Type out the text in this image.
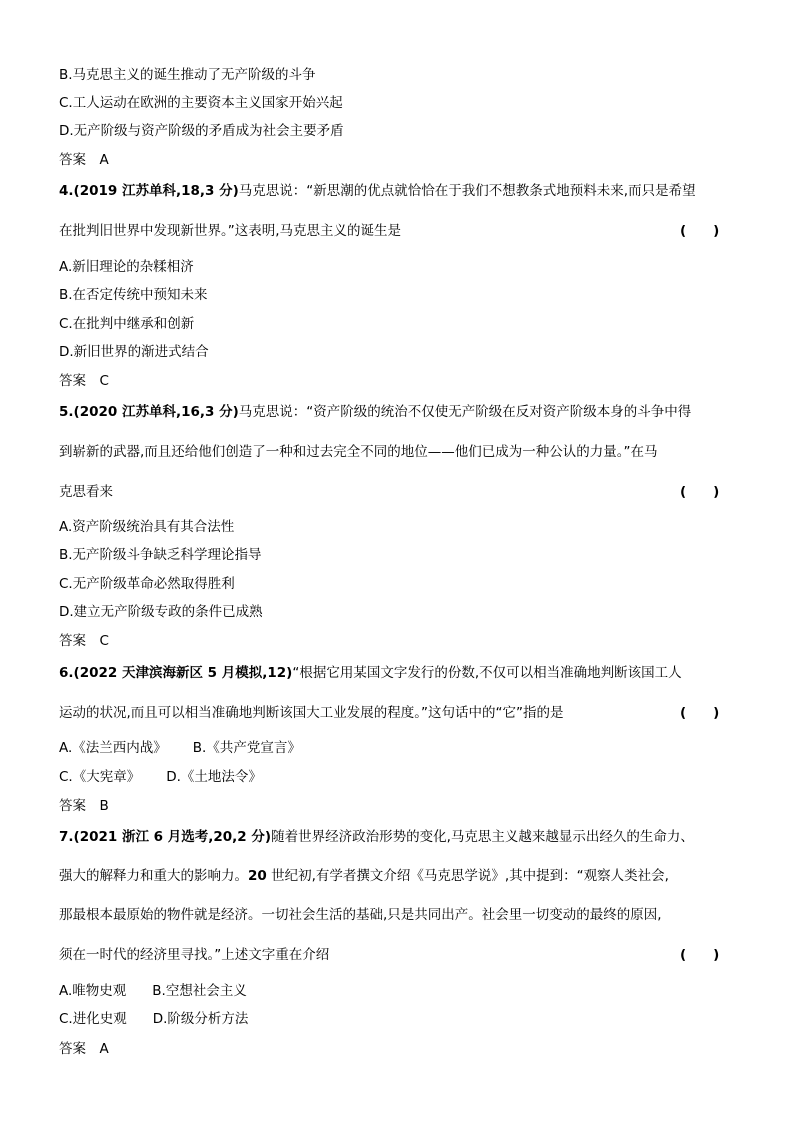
B.马克思主义的诞生推动了无产阶级的斗争
C.工人运动在欧洲的主要资本主义国家开始兴起
D.无产阶级与资产阶级的矛盾成为社会主要矛盾
答案　A
4.(2019 江苏单科,18,3 分)马克思说：“新思潮的优点就恰恰在于我们不想教条式地预料未来,而只是希望
在批判旧世界中发现新世界。”这表明,马克思主义的诞生是	(　　)
A.新旧理论的杂糅相济
B.在否定传统中预知未来
C.在批判中继承和创新
D.新旧世界的渐进式结合
答案　C
5.(2020 江苏单科,16,3 分)马克思说：“资产阶级的统治不仅使无产阶级在反对资产阶级本身的斗争中得
到崭新的武器,而且还给他们创造了一种和过去完全不同的地位——他们已成为一种公认的力量。”在马
克思看来	(　　)
A.资产阶级统治具有其合法性
B.无产阶级斗争缺乏科学理论指导
C.无产阶级革命必然取得胜利
D.建立无产阶级专政的条件已成熟
答案　C
6.(2022 天津滨海新区 5 月模拟,12)“根据它用某国文字发行的份数,不仅可以相当准确地判断该国工人
运动的状况,而且可以相当准确地判断该国大工业发展的程度。”这句话中的“它”指的是	(　　)
A.《法兰西内战》 B.《共产党宣言》
C.《大宪章》 D.《土地法令》
答案　B
7.(2021 浙江 6 月选考,20,2 分)随着世界经济政治形势的变化,马克思主义越来越显示出经久的生命力、
强大的解释力和重大的影响力。20 世纪初,有学者撰文介绍《马克思学说》,其中提到：“观察人类社会,
那最根本最原始的物件就是经济。一切社会生活的基础,只是共同出产。社会里一切变动的最终的原因,
须在一时代的经济里寻找。”上述文字重在介绍	(　　)
A.唯物史观 B.空想社会主义
C.进化史观 D.阶级分析方法
答案　A
